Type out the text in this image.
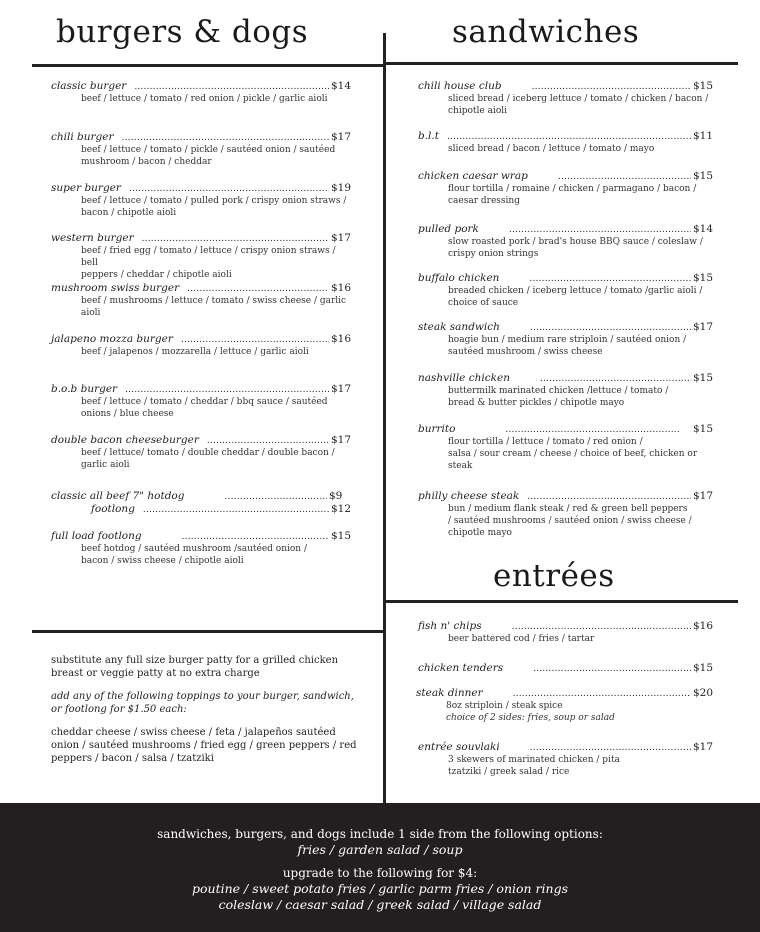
burgers & dogs	sandwiches
entrées
classic burger .....	$14
beef / lettuce / tomato / red onion / pickle / garlic aioli
chili burger .....	$17
beef / lettuce / tomato / pickle / sautéed onion / sautéed
mushroom / bacon / cheddar
super burger .....	$19
beef / lettuce / tomato / pulled pork / crispy onion straws /
bacon / chipotle aioli
western burger .....	$17
beef / fried egg / tomato / lettuce / crispy onion straws / bell
peppers / cheddar / chipotle aioli
mushroom swiss burger .....	$16
beef / mushrooms / lettuce / tomato / swiss cheese / garlic
aioli
jalapeno mozza burger .....	$16
beef / jalapenos / mozzarella / lettuce / garlic aioli
b.o.b burger .....	$17
beef / lettuce / tomato / cheddar / bbq sauce / sautéed
onions / blue cheese
double bacon cheeseburger .....	$17
beef / lettuce/ tomato / double cheddar / double bacon /
garlic aioli
classic all beef 7" hotdog .....	$9
footlong .....	$12
full load footlong .....	$15
beef hotdog / sautéed mushroom /sautéed onion /
bacon / swiss cheese / chipotle aioli

substitute any full size burger patty for a grilled chicken breast or veggie patty at no extra charge

add any of the following toppings to your burger, sandwich, or footlong for $1.50 each:

cheddar cheese / swiss cheese / feta / jalapeños sautéed onion / sautéed mushrooms / fried egg / green peppers / red peppers / bacon / salsa / tzatziki

chili house club .....	$15
sliced bread / iceberg lettuce / tomato / chicken / bacon /
chipotle aioli
b.l.t .....	$11
sliced bread / bacon / lettuce / tomato / mayo
chicken caesar wrap .....	$15
flour tortilla / romaine / chicken / parmagano / bacon /
caesar dressing
pulled pork .....	$14
slow roasted pork / brad's house BBQ sauce / coleslaw /
crispy onion strings
buffalo chicken .....	$15
breaded chicken / iceberg lettuce / tomato /garlic aioli /
choice of sauce
steak sandwich .....	$17
hoagie bun / medium rare striploin / sautéed onion /
sautéed mushroom / swiss cheese
nashville chicken .....	$15
buttermilk marinated chicken /lettuce / tomato /
bread & butter pickles / chipotle mayo
burrito .....	$15
flour tortilla / lettuce / tomato / red onion /
salsa / sour cream / cheese / choice of beef, chicken or
steak
philly cheese steak .....	$17
bun / medium flank steak / red & green bell peppers
/ sautéed mushrooms / sautéed onion / swiss cheese /
chipotle mayo
fish n' chips .....	$16
beer battered cod / fries / tartar
chicken tenders .....	$15
steak dinner .....	$20
8oz striploin / steak spice
choice of 2 sides: fries, soup or salad
entrée souvlaki .....	$17
3 skewers of marinated chicken / pita
tzatziki / greek salad / rice
sandwiches, burgers, and dogs include 1 side from the following options:
fries / garden salad / soup
upgrade to the following for $4:
poutine / sweet potato fries / garlic parm fries / onion rings
coleslaw / caesar salad / greek salad / village salad
